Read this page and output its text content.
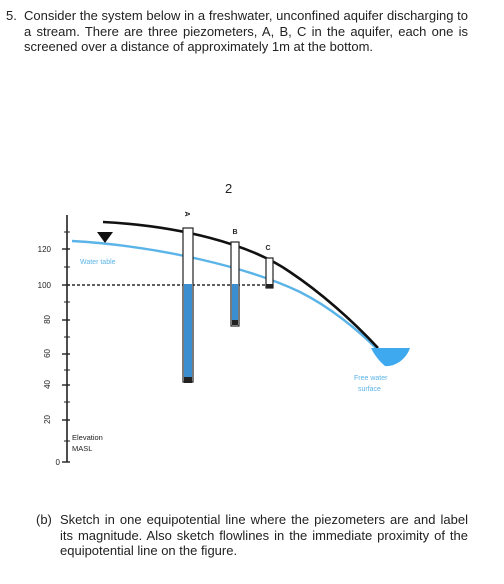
5. Consider the system below in a freshwater, unconfined aquifer discharging to a stream. There are three piezometers, A, B, C in the aquifer, each one is screened over a distance of approximately 1m at the bottom.
2
120
100
80
60
40
20
0
Elevation
MASL
Water table
A
B
C
Free water
surface
(b) Sketch in one equipotential line where the piezometers are and label its magnitude. Also sketch flowlines in the immediate proximity of the equipotential line on the figure.
